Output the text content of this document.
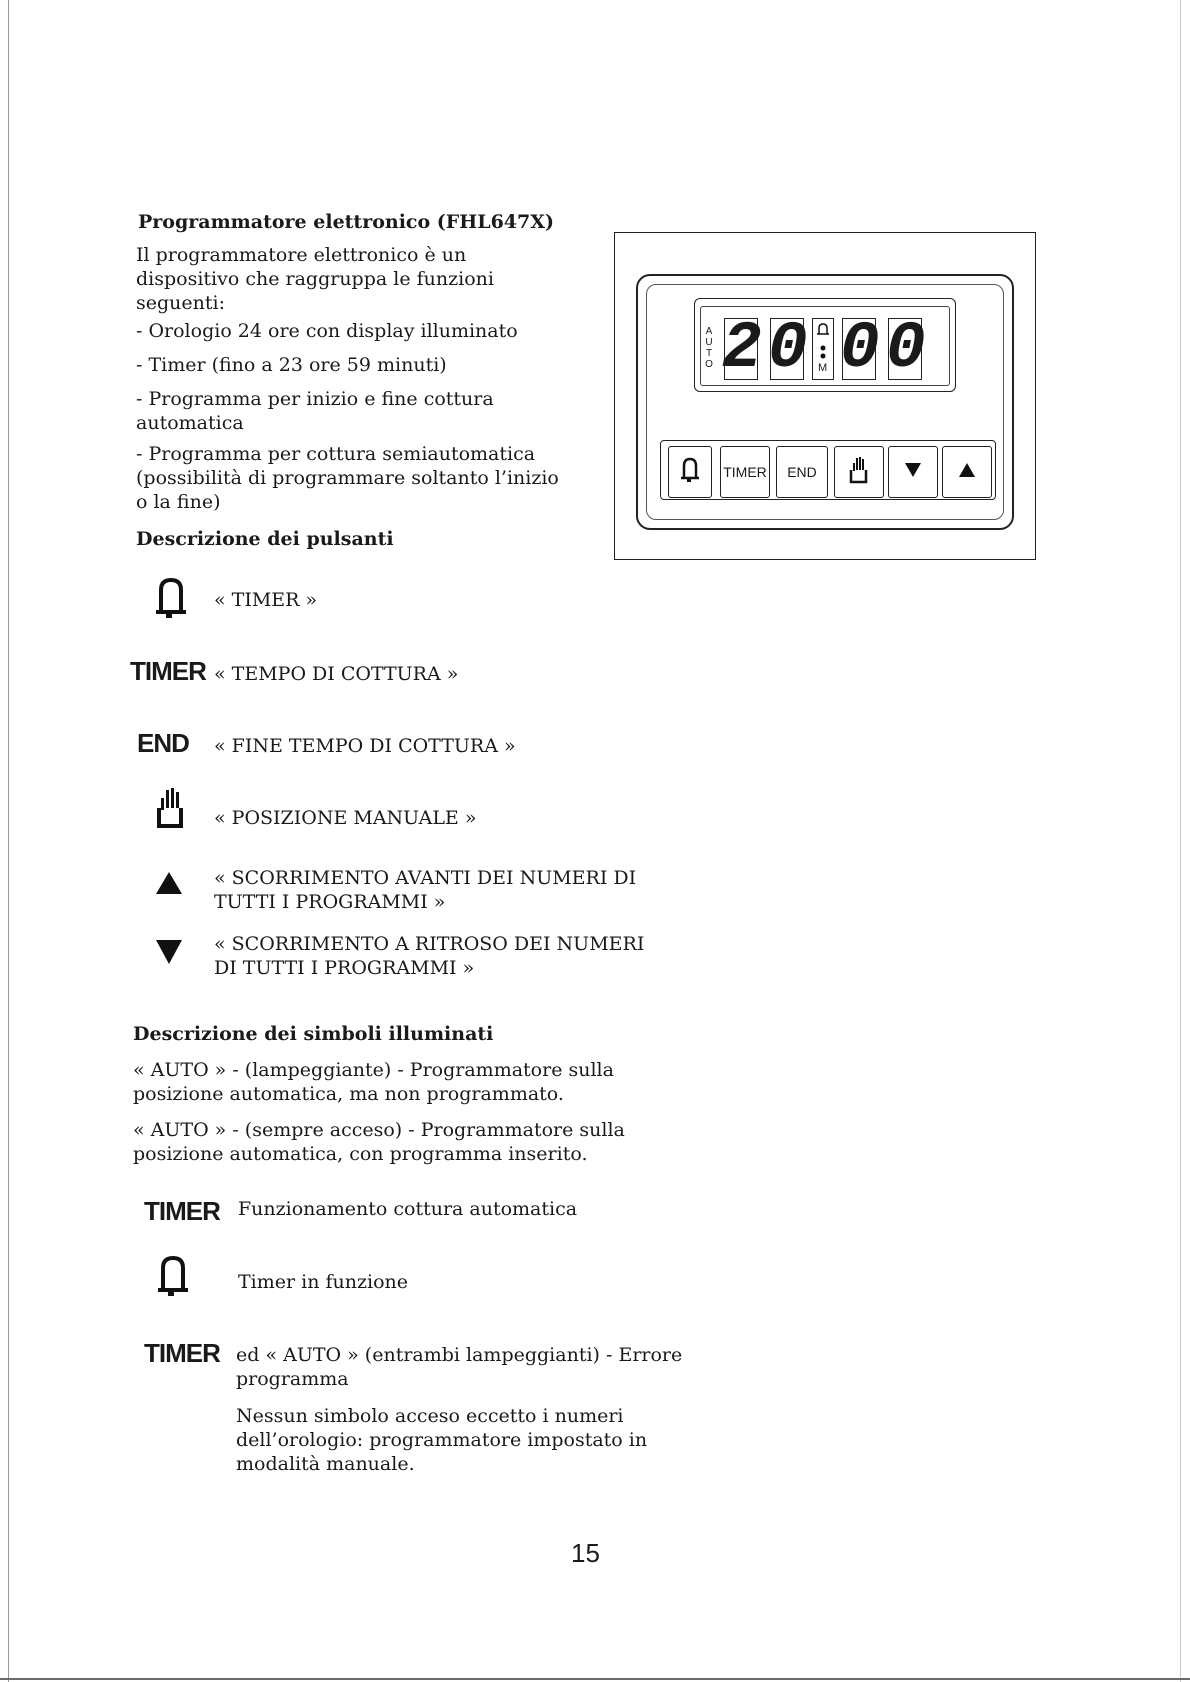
Programmatore elettronico (FHL647X)
Il programmatore elettronico è un
dispositivo che raggruppa le funzioni
seguenti:
- Orologio 24 ore con display illuminato
- Timer (fino a 23 ore 59 minuti)
- Programma per inizio e fine cottura
automatica
- Programma per cottura semiautomatica
(possibilità di programmare soltanto l’inizio
o la fine)
Descrizione dei pulsanti
« TIMER »
TIMER « TEMPO DI COTTURA »
END « FINE TEMPO DI COTTURA »
« POSIZIONE MANUALE »
« SCORRIMENTO AVANTI DEI NUMERI DI
TUTTI I PROGRAMMI »
« SCORRIMENTO A RITROSO DEI NUMERI
DI TUTTI I PROGRAMMI »
Descrizione dei simboli illuminati
« AUTO » - (lampeggiante) - Programmatore sulla
posizione automatica, ma non programmato.
« AUTO » - (sempre acceso) - Programmatore sulla
posizione automatica, con programma inserito.
TIMER Funzionamento cottura automatica
Timer in funzione
TIMER ed « AUTO » (entrambi lampeggianti) - Errore
programma
Nessun simbolo acceso eccetto i numeri
dell’orologio: programmatore impostato in
modalità manuale.
15
A
U
T
O 2 0 0 0
M
TIMER END
